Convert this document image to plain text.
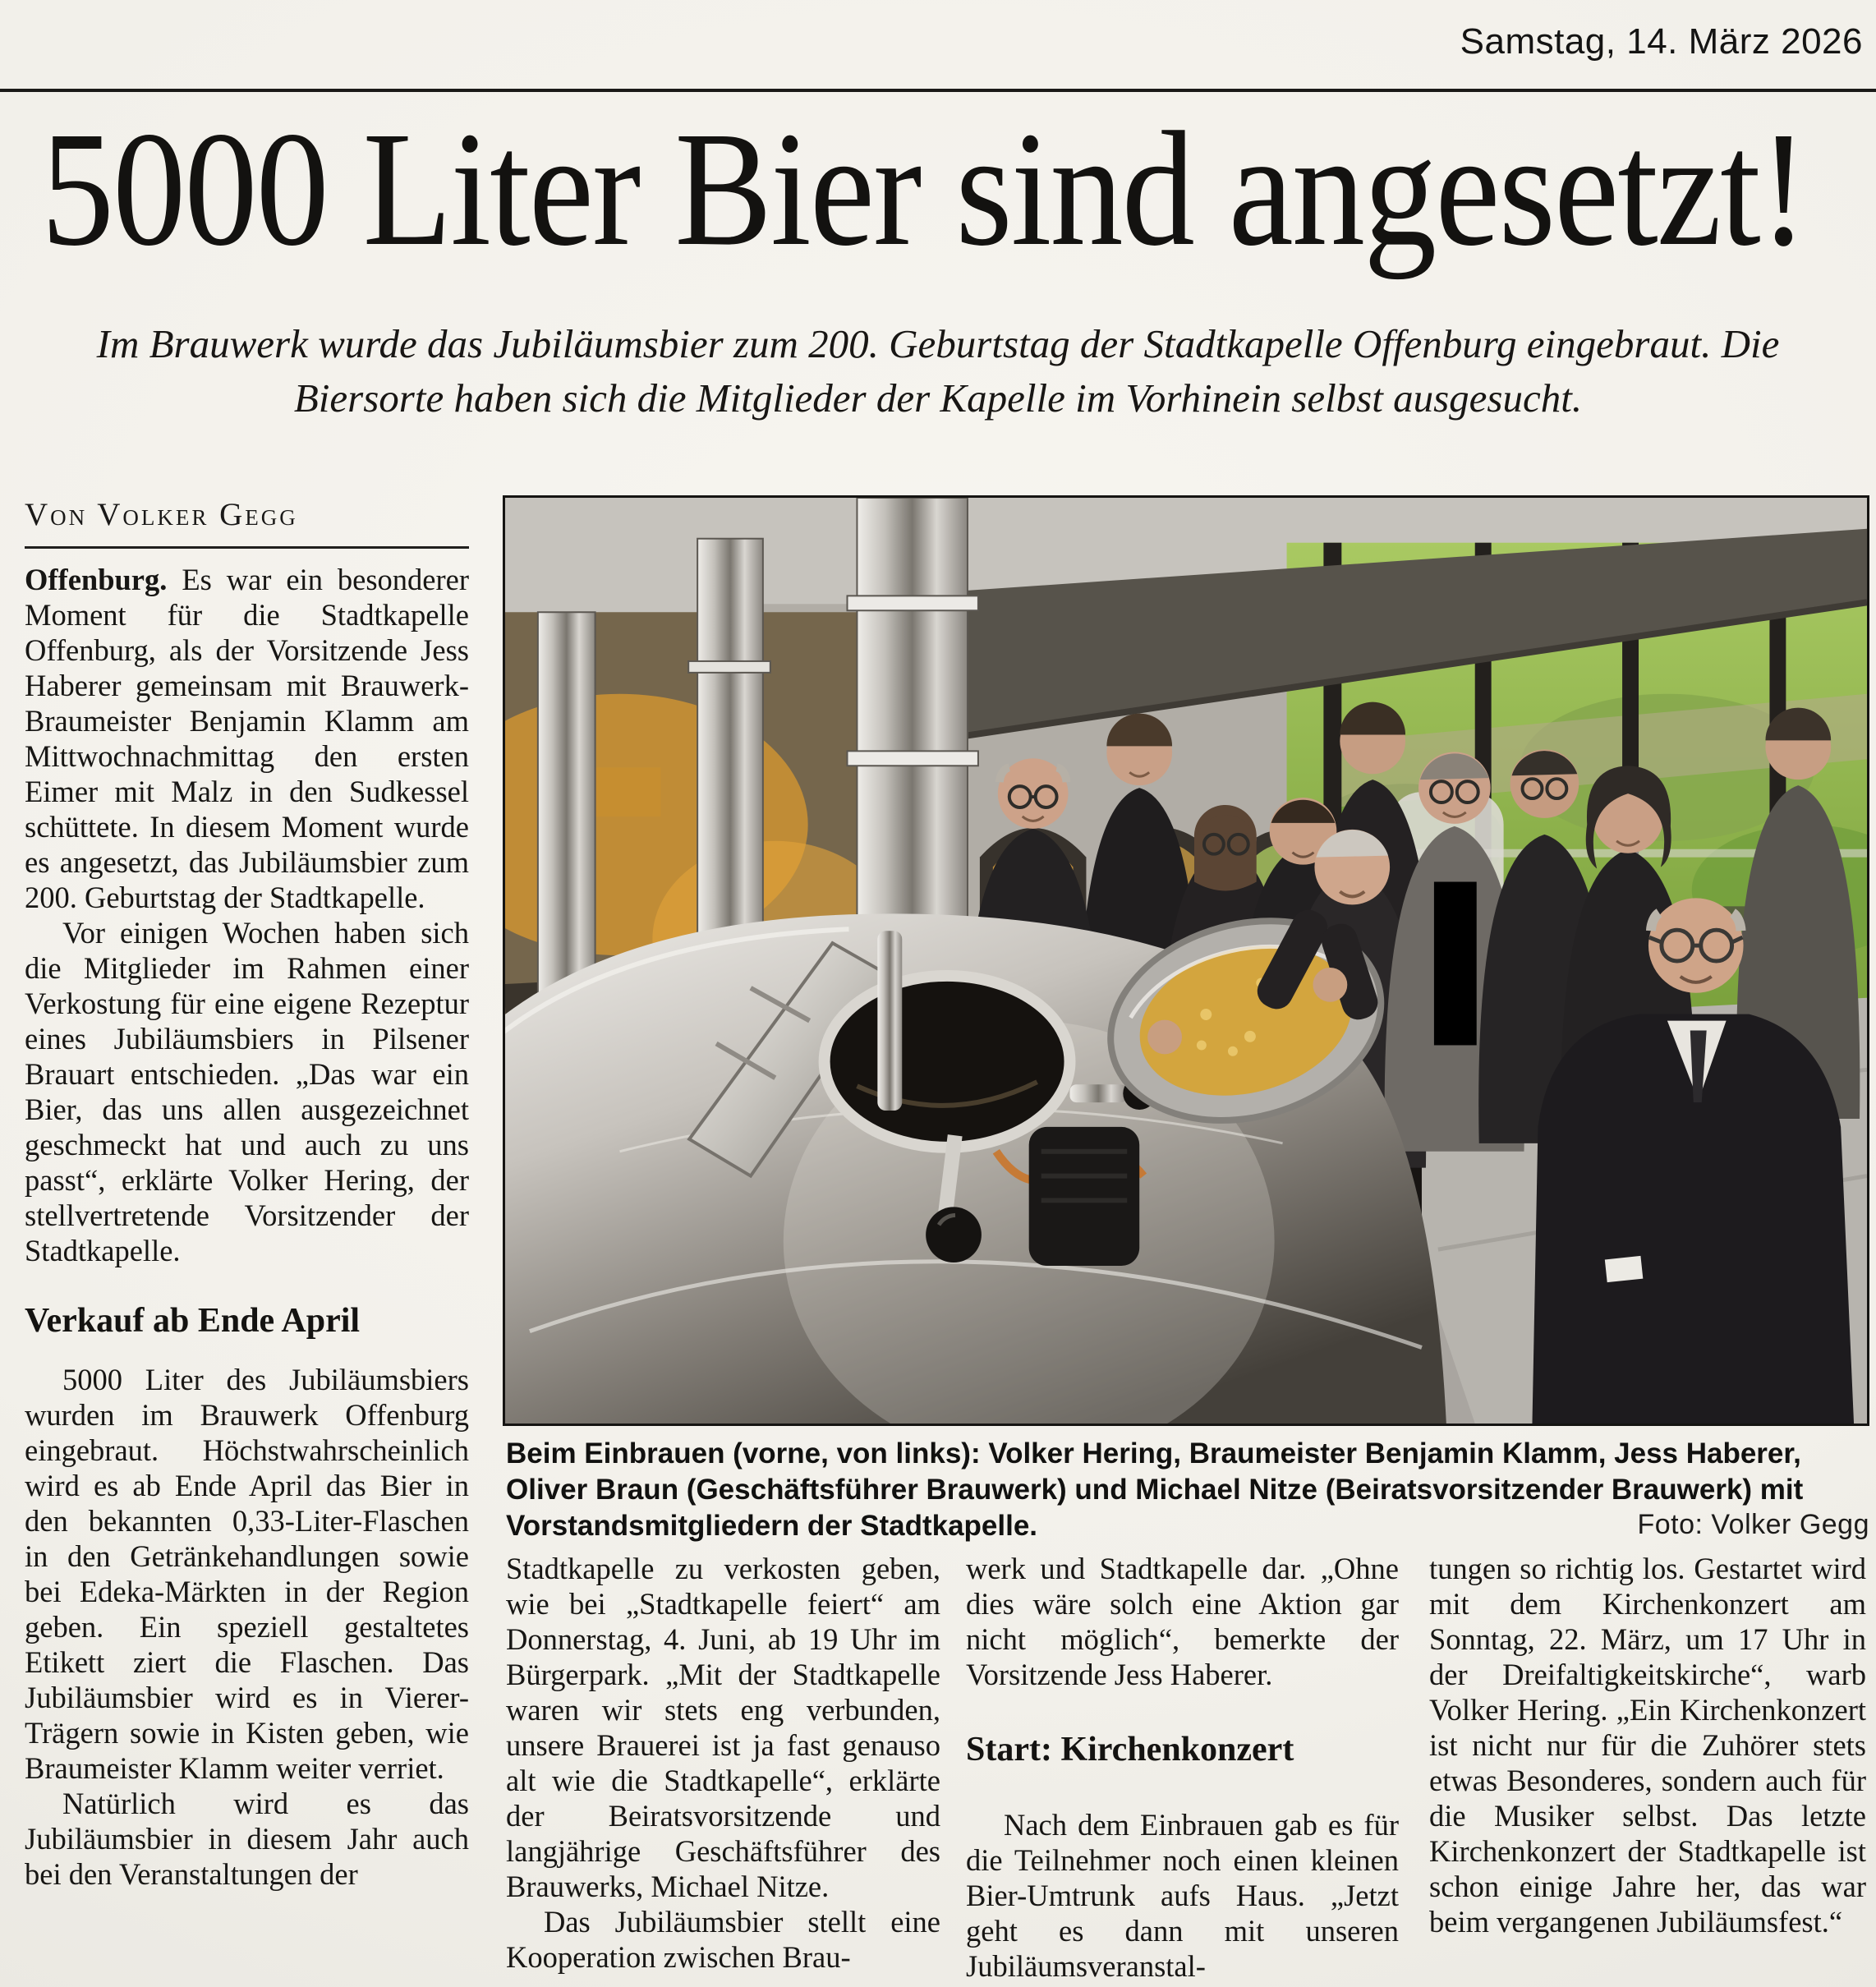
Samstag, 14. März 2026
5000 Liter Bier sind angesetzt!

Im Brauwerk wurde das Jubiläumsbier zum 200. Geburtstag der Stadtkapelle Offenburg eingebraut. Die Biersorte haben sich die Mitglieder der Kapelle im Vorhinein selbst ausgesucht.

Von Volker Gegg

Offenburg. Es war ein besonderer Moment für die Stadtkapelle Offenburg, als der Vorsitzende Jess Haberer gemeinsam mit Brauwerk-Braumeister Benjamin Klamm am Mittwochnachmittag den ersten Eimer mit Malz in den Sudkessel schüttete. In diesem Moment wurde es angesetzt, das Jubiläumsbier zum 200. Geburtstag der Stadtkapelle.

Vor einigen Wochen haben sich die Mitglieder im Rahmen einer Verkostung für eine eigene Rezeptur eines Jubiläumsbiers in Pilsener Brauart entschieden. „Das war ein Bier, das uns allen ausgezeichnet geschmeckt hat und auch zu uns passt“, erklärte Volker Hering, der stellvertretende Vorsitzender der Stadtkapelle.

Verkauf ab Ende April

5000 Liter des Jubiläumsbiers wurden im Brauwerk Offenburg eingebraut. Höchstwahrscheinlich wird es ab Ende April das Bier in den bekannten 0,33-Liter-Flaschen in den Getränkehandlungen sowie bei Edeka-Märkten in der Region geben. Ein speziell gestaltetes Etikett ziert die Flaschen. Das Jubiläumsbier wird es in Vierer-Trägern sowie in Kisten geben, wie Braumeister Klamm weiter verriet.

Natürlich wird es das Jubiläumsbier in diesem Jahr auch bei den Veranstaltungen der

Beim Einbrauen (vorne, von links): Volker Hering, Braumeister Benjamin Klamm, Jess Haberer, Oliver Braun (Geschäftsführer Brauwerk) und Michael Nitze (Beiratsvorsitzender Brauwerk) mit Vorstandsmitgliedern der Stadtkapelle.	Foto: Volker Gegg

Stadtkapelle zu verkosten geben, wie bei „Stadtkapelle feiert“ am Donnerstag, 4. Juni, ab 19 Uhr im Bürgerpark. „Mit der Stadtkapelle waren wir stets eng verbunden, unsere Brauerei ist ja fast genauso alt wie die Stadtkapelle“, erklärte der Beiratsvorsitzende und langjährige Geschäftsführer des Brauwerks, Michael Nitze.

Das Jubiläumsbier stellt eine Kooperation zwischen Brau-

werk und Stadtkapelle dar. „Ohne dies wäre solch eine Aktion gar nicht möglich“, bemerkte der Vorsitzende Jess Haberer.

Start: Kirchenkonzert

Nach dem Einbrauen gab es für die Teilnehmer noch einen kleinen Bier-Umtrunk aufs Haus. „Jetzt geht es dann mit unseren Jubiläumsveranstal-

tungen so richtig los. Gestartet wird mit dem Kirchenkonzert am Sonntag, 22. März, um 17 Uhr in der Dreifaltigkeitskirche“, warb Volker Hering. „Ein Kirchenkonzert ist nicht nur für die Zuhörer stets etwas Besonderes, sondern auch für die Musiker selbst. Das letzte Kirchenkonzert der Stadtkapelle ist schon einige Jahre her, das war beim vergangenen Jubiläumsfest.“
